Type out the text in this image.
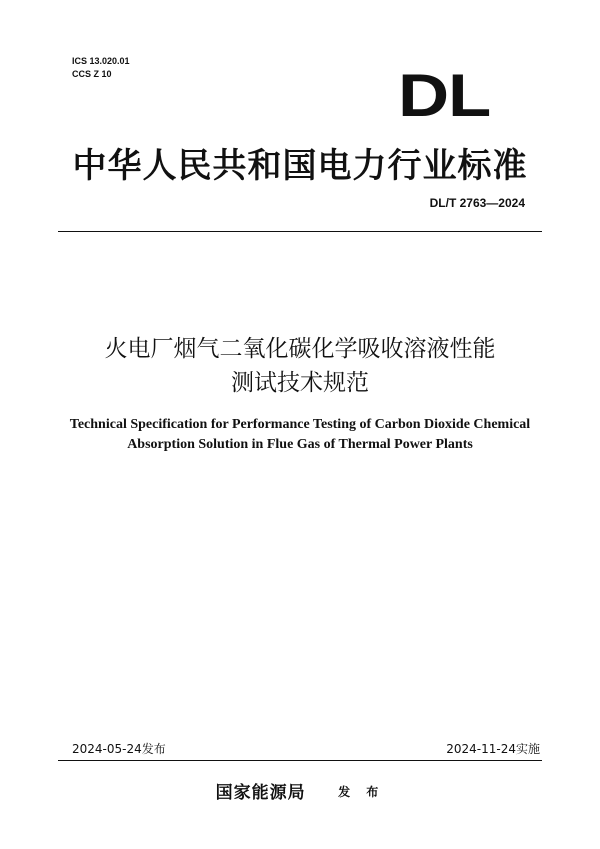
ICS 13.020.01
CCS Z 10	DL
中华人民共和国电力行业标准
DL/T 2763—2024
火电厂烟气二氧化碳化学吸收溶液性能
测试技术规范
Technical Specification for Performance Testing of Carbon Dioxide Chemical
Absorption Solution in Flue Gas of Thermal Power Plants
2024-05-24发布	2024-11-24实施
国家能源局	发 布
